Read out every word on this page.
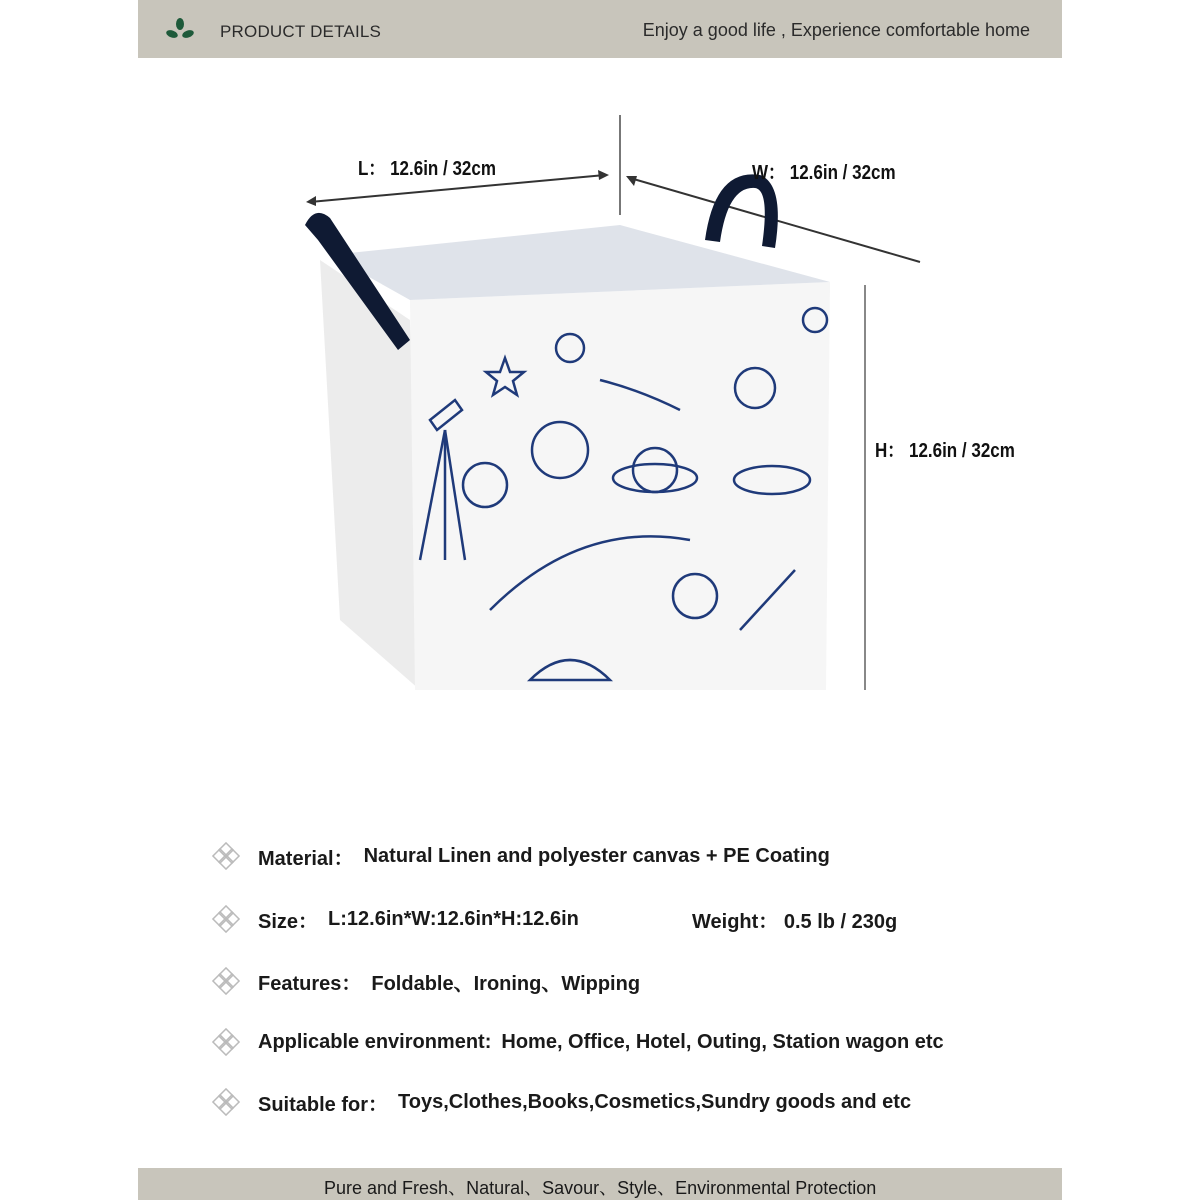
PRODUCT DETAILS	Enjoy a good life , Experience comfortable home
L： 12.6in / 32cm	W： 12.6in / 32cm
H： 12.6in / 32cm
Material： Natural Linen and polyester canvas + PE Coating
Size： L:12.6in*W:12.6in*H:12.6in	Weight： 0.5 lb / 230g
Features： Foldable、Ironing、Wipping
Applicable environment: Home, Office, Hotel, Outing, Station wagon etc
Suitable for： Toys,Clothes,Books,Cosmetics,Sundry goods and etc
Pure and Fresh、Natural、Savour、Style、Environmental Protection
